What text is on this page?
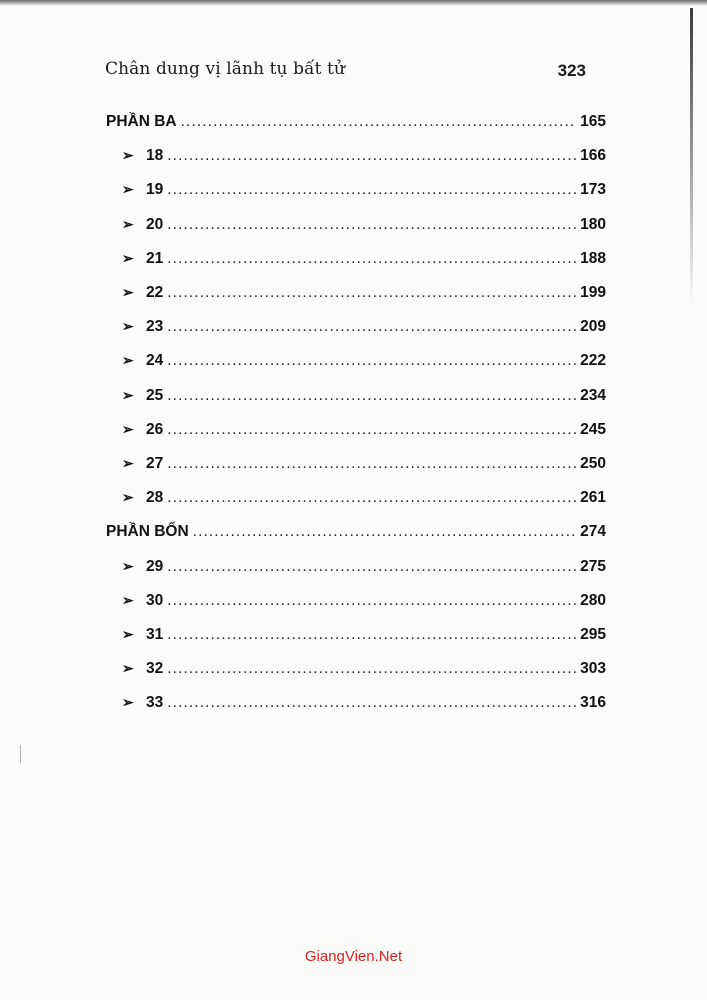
Chân dung vị lãnh tụ bất tử	323
PHẦN BA .....	165
➢ 18 .....	166
➢ 19 .....	173
➢ 20 .....	180
➢ 21 .....	188
➢ 22 .....	199
➢ 23 .....	209
➢ 24 .....	222
➢ 25 .....	234
➢ 26 .....	245
➢ 27 .....	250
➢ 28 .....	261
PHẦN BỐN .....	274
➢ 29 .....	275
➢ 30 .....	280
➢ 31 .....	295
➢ 32 .....	303
➢ 33 .....	316
GiangVien.Net
